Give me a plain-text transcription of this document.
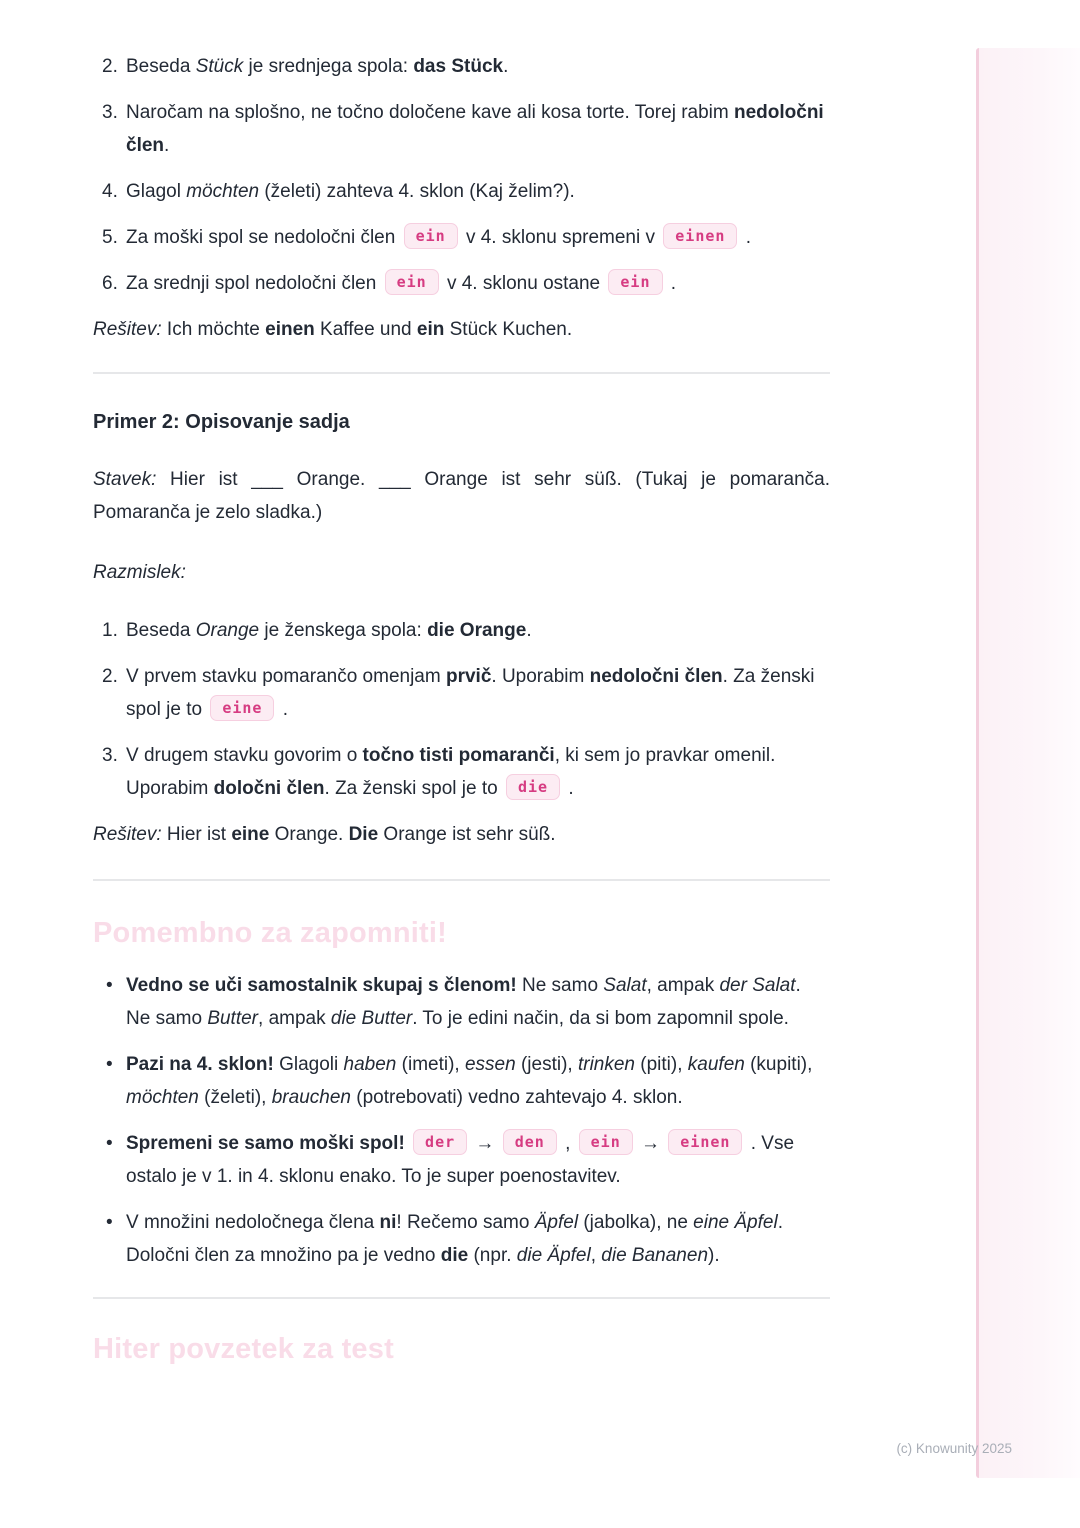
2. Beseda Stück je srednjega spola: das Stück.
3. Naročam na splošno, ne točno določene kave ali kosa torte. Torej rabim nedoločni člen.
4. Glagol möchten (želeti) zahteva 4. sklon (Kaj želim?).
5. Za moški spol se nedoločni člen ein v 4. sklonu spremeni v einen .
6. Za srednji spol nedoločni člen ein v 4. sklonu ostane ein .

Rešitev: Ich möchte einen Kaffee und ein Stück Kuchen.

Primer 2: Opisovanje sadja

Stavek: Hier ist ___ Orange. ___ Orange ist sehr süß. (Tukaj je pomaranča. Pomaranča je zelo sladka.)

Razmislek:

1. Beseda Orange je ženskega spola: die Orange.
2. V prvem stavku pomarančo omenjam prvič. Uporabim nedoločni člen. Za ženski spol je to eine .
3. V drugem stavku govorim o točno tisti pomaranči, ki sem jo pravkar omenil. Uporabim določni člen. Za ženski spol je to die .

Rešitev: Hier ist eine Orange. Die Orange ist sehr süß.

Pomembno za zapomniti!
• Vedno se uči samostalnik skupaj s členom! Ne samo Salat, ampak der Salat. Ne samo Butter, ampak die Butter. To je edini način, da si bom zapomnil spole.
• Pazi na 4. sklon! Glagoli haben (imeti), essen (jesti), trinken (piti), kaufen (kupiti), möchten (želeti), brauchen (potrebovati) vedno zahtevajo 4. sklon.
• Spremeni se samo moški spol! der → den , ein → einen . Vse ostalo je v 1. in 4. sklonu enako. To je super poenostavitev.
• V množini nedoločnega člena ni! Rečemo samo Äpfel (jabolka), ne eine Äpfel. Določni člen za množino pa je vedno die (npr. die Äpfel, die Bananen).
Hiter povzetek za test
(c) Knowunity 2025
